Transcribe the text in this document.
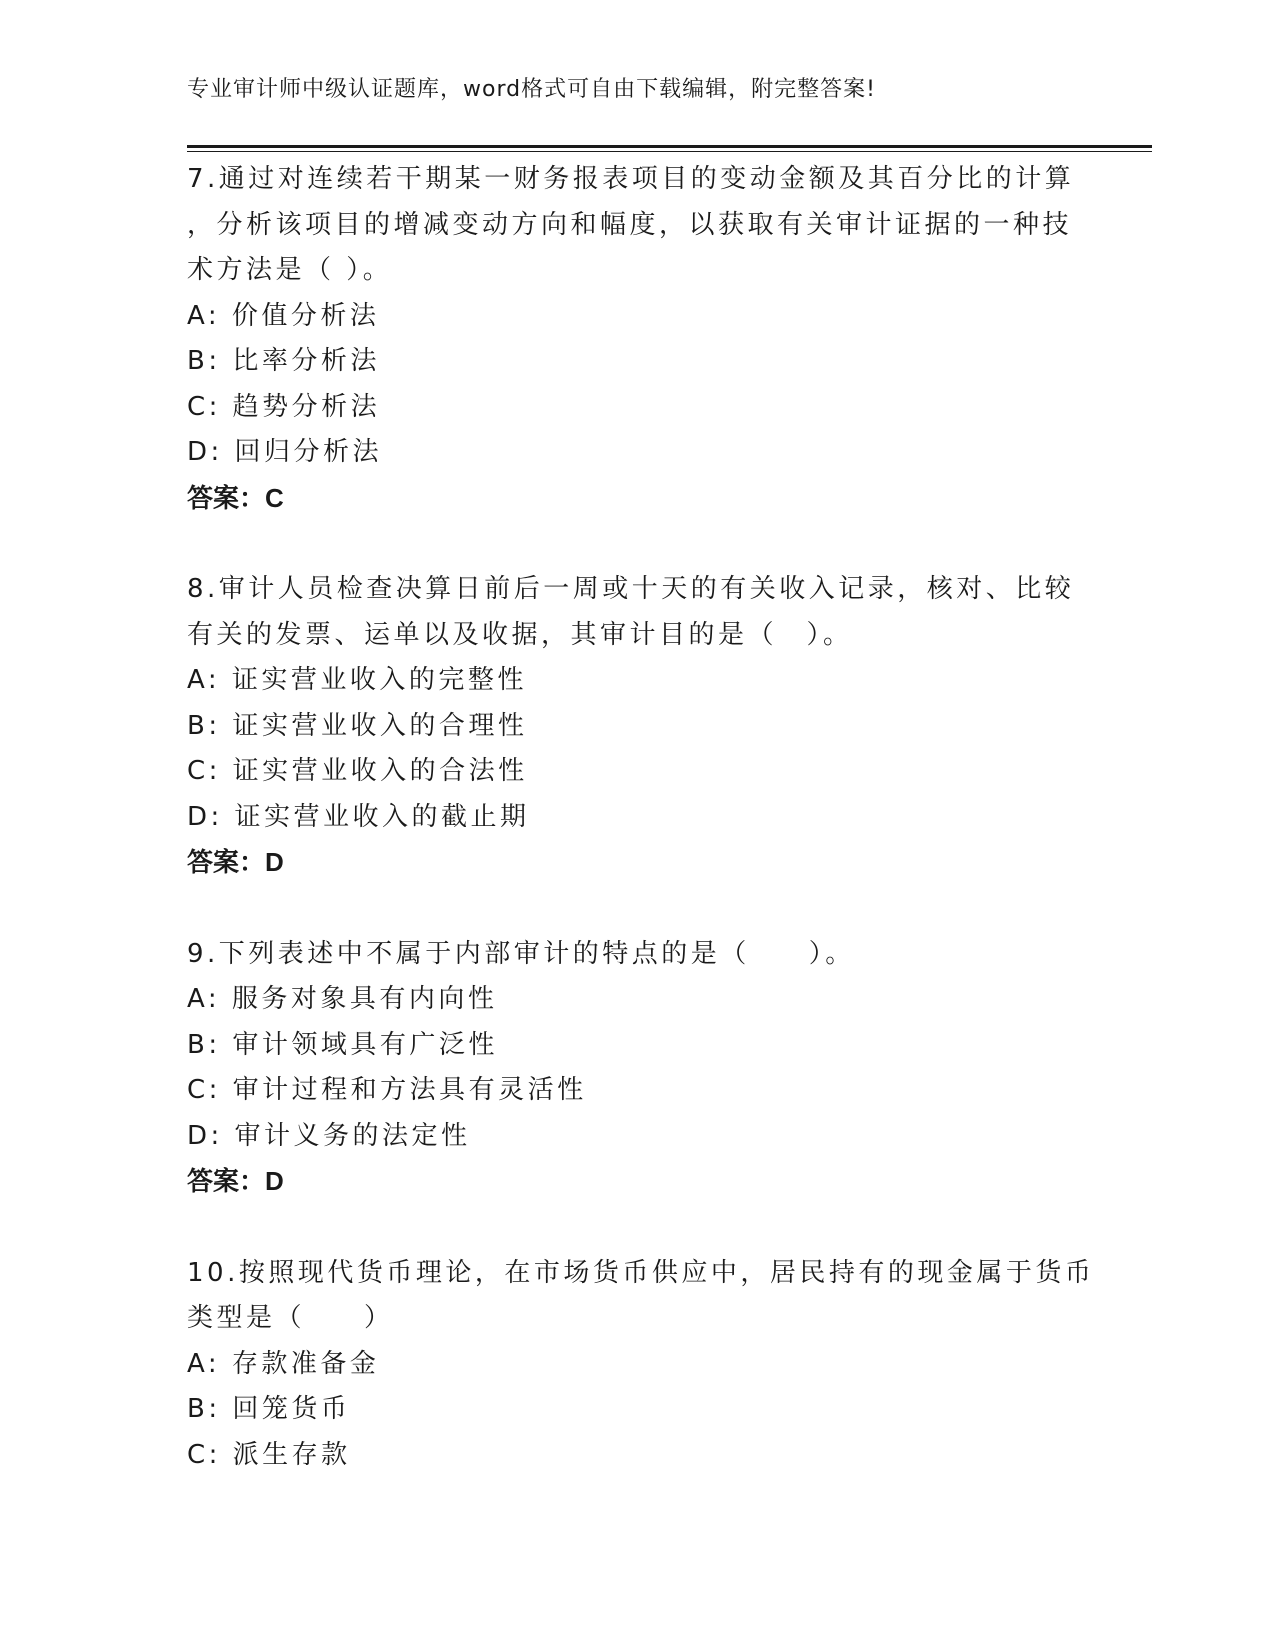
专业审计师中级认证题库，word格式可自由下载编辑，附完整答案!
7.通过对连续若干期某一财务报表项目的变动金额及其百分比的计算
，分析该项目的增减变动方向和幅度，以获取有关审计证据的一种技
术方法是（ ）。
A: 价值分析法
B: 比率分析法
C: 趋势分析法
D: 回归分析法
答案：C
8.审计人员检查决算日前后一周或十天的有关收入记录，核对、比较
有关的发票、运单以及收据，其审计目的是（　）。
A: 证实营业收入的完整性
B: 证实营业收入的合理性
C: 证实营业收入的合法性
D: 证实营业收入的截止期
答案：D
9.下列表述中不属于内部审计的特点的是（　　）。
A: 服务对象具有内向性
B: 审计领域具有广泛性
C: 审计过程和方法具有灵活性
D: 审计义务的法定性
答案：D
10.按照现代货币理论，在市场货币供应中，居民持有的现金属于货币
类型是（　　）
A: 存款准备金
B: 回笼货币
C: 派生存款
